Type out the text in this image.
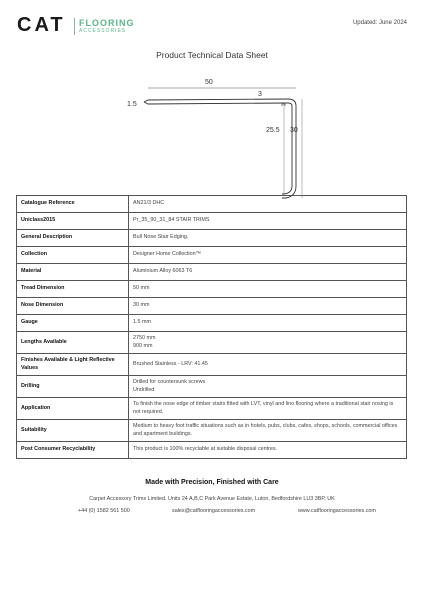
CAT FLOORING
ACCESSORIES
Updated: June 2024
Product Technical Data Sheet
50
1.5
3
25.5 30
Catalogue Reference	AN21/3 DHC

Uniclass2015	Pr_35_90_31_84 STAIR TRIMS

General Description	Bull Nose Stair Edging.

Collection	Designer Home Collection™

Material	Aluminium Alloy 6063 T6

Tread Dimension	50 mm

Nose Dimension	30 mm

Gauge	1.5 mm

Lengths Available	2750 mm
900 mm

Finishes Available & Light Reflective Values	Brushed Stainless - LRV: 41.45

Drilling	Drilled for countersunk screws
Undrilled

Application	To finish the nose edge of timber stairs fitted with LVT, vinyl and lino flooring where a traditional stair nosing is not required.

Suitability	Medium to heavy foot traffic situations such as in hotels, pubs, clubs, cafes, shops, schools, commercial offices and apartment buildings.

Post Consumer Recyclability	This product is 100% recyclable at suitable disposal centres.
Made with Precision, Finished with Care
Carpet Accessory Trims Limited. Units 24 A,B,C Park Avenue Estate, Luton, Bedfordshire LU3 3BP, UK
+44 (0) 1582 561 500	sales@catflooringaccessories.com	www.catflooringaccessories.com
